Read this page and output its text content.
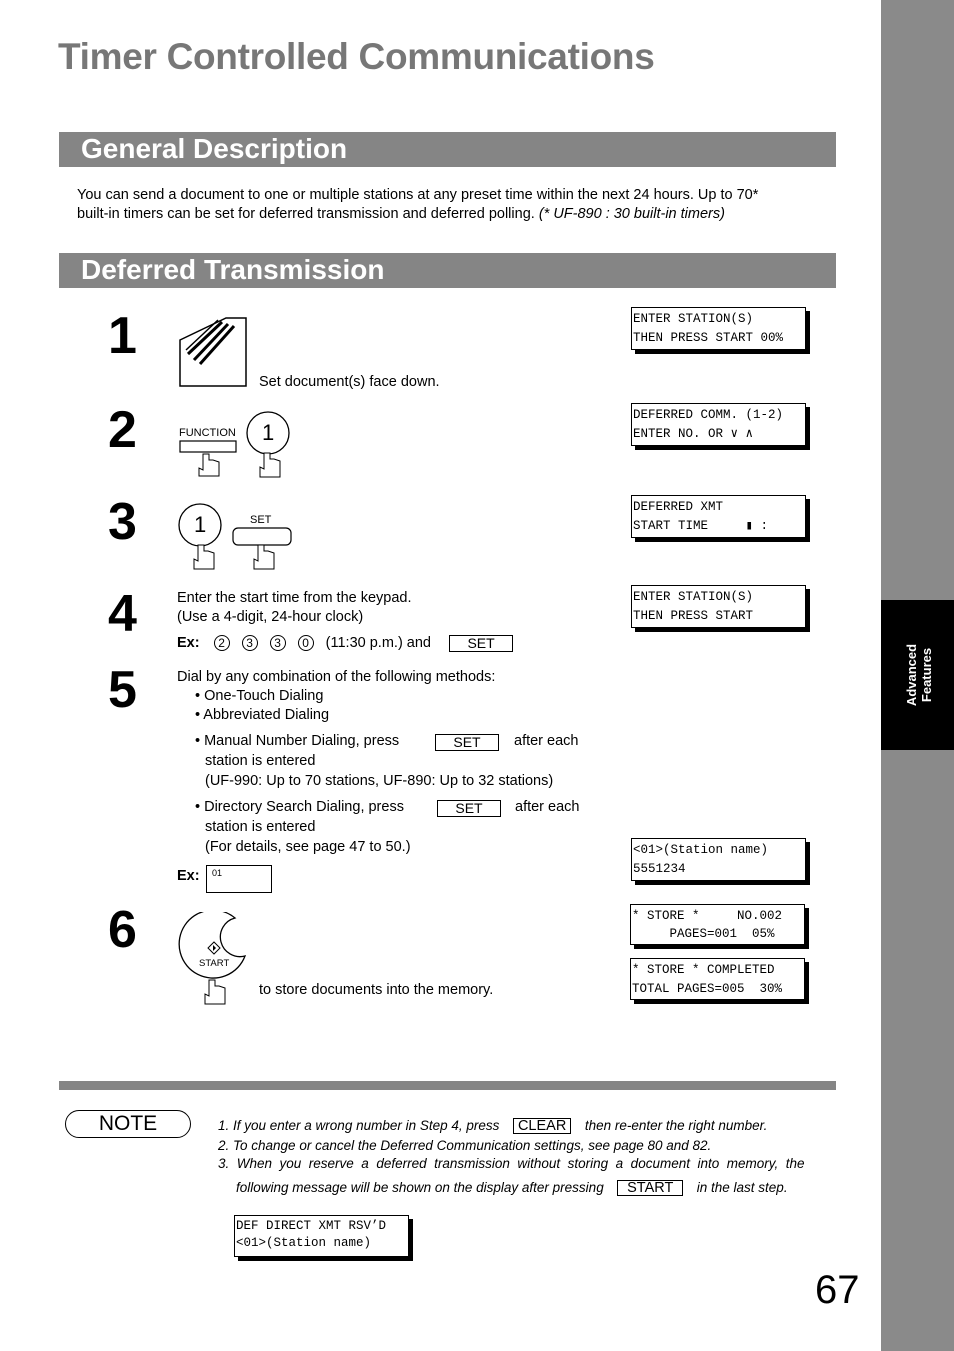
Advanced Features
Timer Controlled Communications
General Description
You can send a document to one or multiple stations at any preset time within the next 24 hours. Up to 70*
built-in timers can be set for deferred transmission and deferred polling. (* UF-890 : 30 built-in timers)
Deferred Transmission
1
Set document(s) face down.
ENTER STATION(S)
THEN PRESS START 00%
2	FUNCTION 1
DEFERRED COMM. (1-2)
ENTER NO. OR ∨ ∧
3	1	SET
DEFERRED XMT
START TIME     ▮ :
4	Enter the start time from the keypad.
(Use a 4-digit, 24-hour clock)
Ex: 2 3 3 0 (11:30 p.m.) and	SET
ENTER STATION(S)
THEN PRESS START
5	Dial by any combination of the following methods:
• One-Touch Dialing
• Abbreviated Dialing
• Manual Number Dialing, press	SET	after each
station is entered
(UF-990: Up to 70 stations, UF-890: Up to 32 stations)
• Directory Search Dialing, press	SET	after each
station is entered
(For details, see page 47 to 50.)
Ex:	01
<01>(Station name)
5551234
6
START
to store documents into the memory.
* STORE *     NO.002
PAGES=001  05%
* STORE * COMPLETED
TOTAL PAGES=005  30%
NOTE	1. If you enter a wrong number in Step 4, press CLEAR then re-enter the right number.
2. To change or cancel the Deferred Communication settings, see page 80 and 82.
3.  When  you  reserve  a  deferred  transmission  without  storing  a  document  into  memory,  the
following message will be shown on the display after pressing START in the last step.
DEF DIRECT XMT RSV’D
<01>(Station name)
67
